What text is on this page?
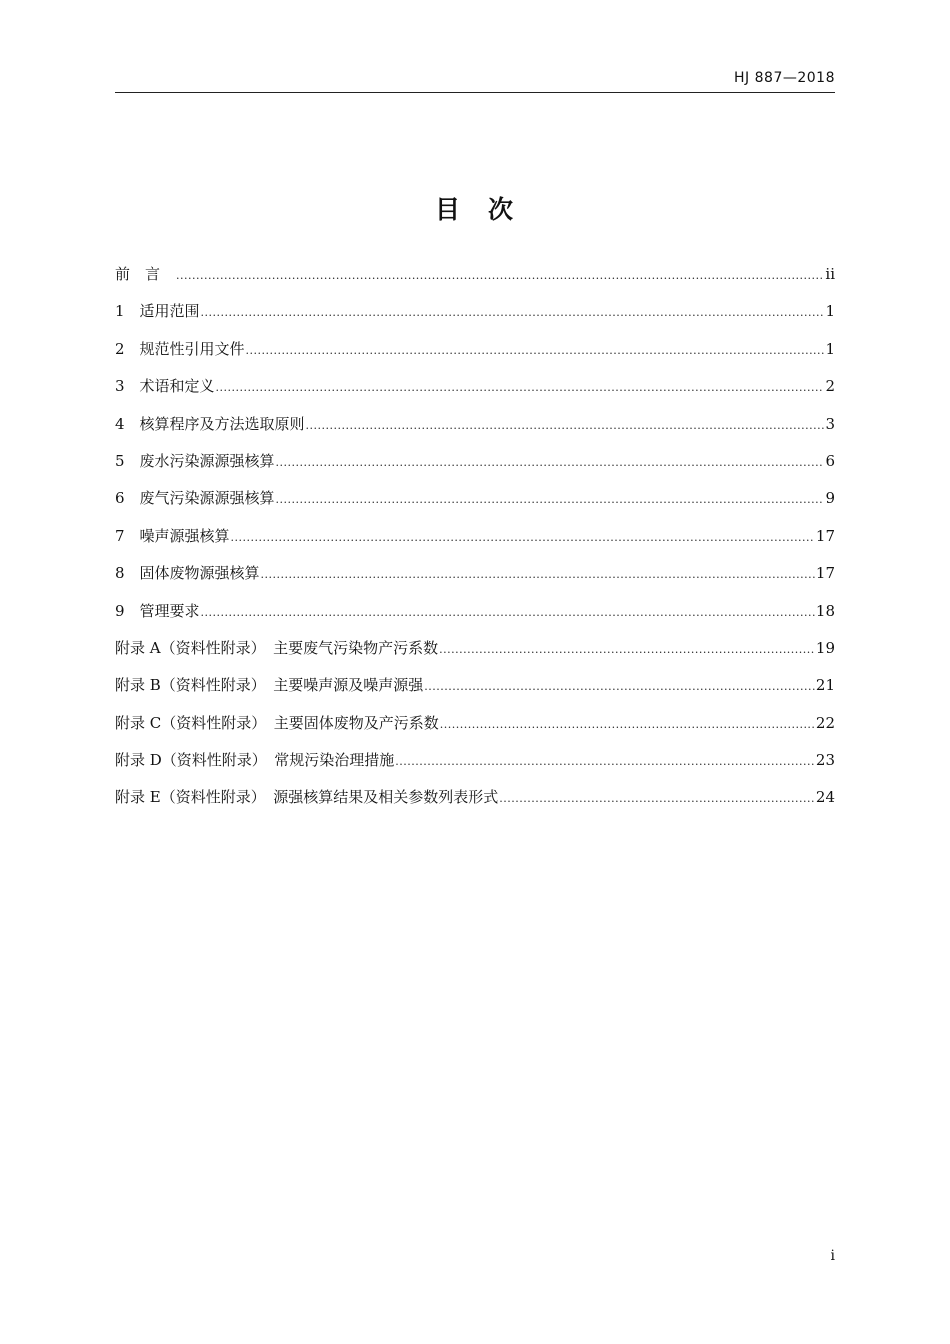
HJ 887—2018
目 次
前　言　 .....	ii
1　适用范围 .....	1
2　规范性引用文件 .....	1
3　术语和定义 .....	2
4　核算程序及方法选取原则 .....	3
5　废水污染源源强核算 .....	6
6　废气污染源源强核算 .....	9
7　噪声源强核算 .....	17
8　固体废物源强核算 .....	17
9　管理要求 .....	18
附录 A（资料性附录）　主要废气污染物产污系数 .....	19
附录 B（资料性附录）　主要噪声源及噪声源强 .....	21
附录 C（资料性附录）　主要固体废物及产污系数 .....	22
附录 D（资料性附录）　常规污染治理措施 .....	23
附录 E（资料性附录）　源强核算结果及相关参数列表形式 .....	24
i
